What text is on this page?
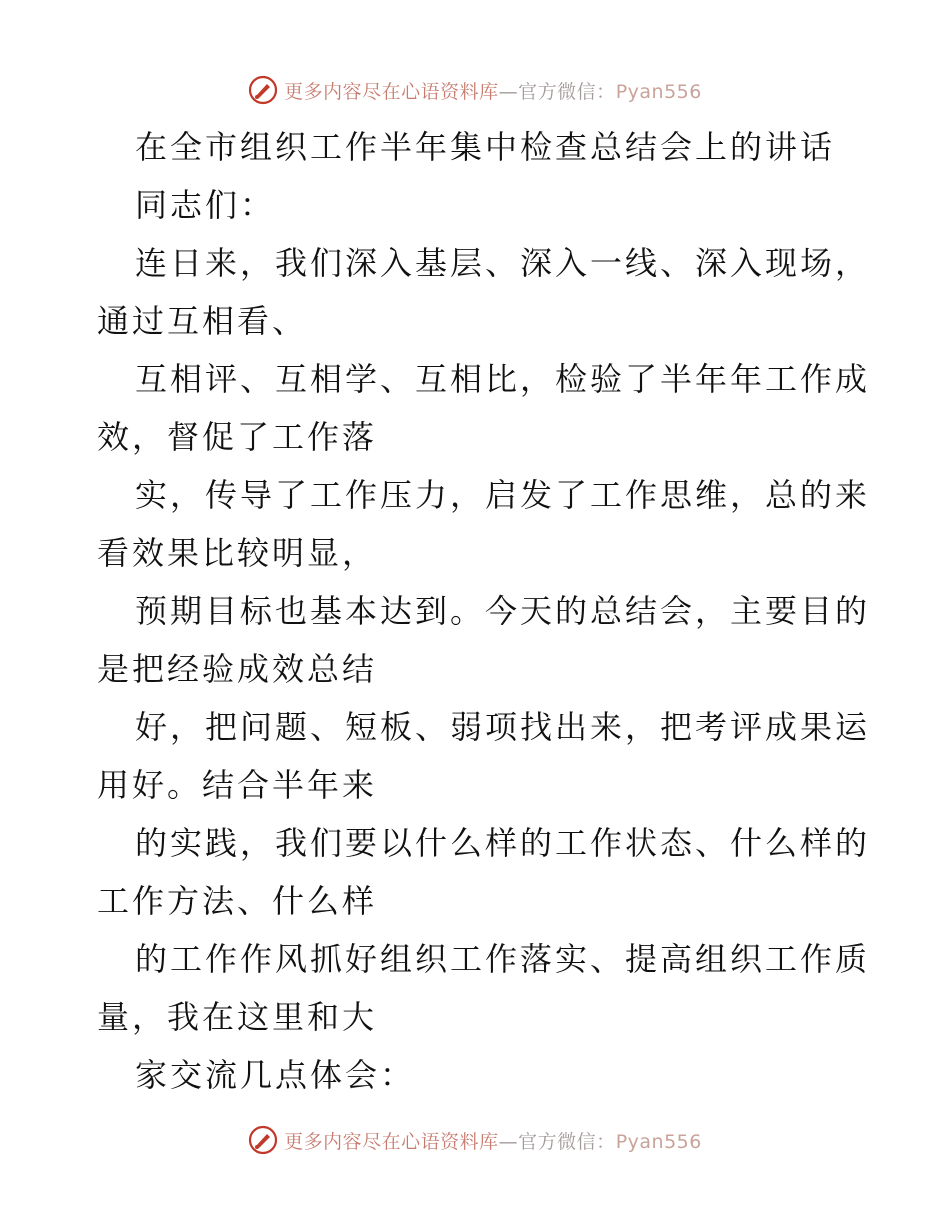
更多内容尽在心语资料库—官方微信：Pyan556
在全市组织工作半年集中检查总结会上的讲话
同志们：
连日来，我们深入基层、深入一线、深入现场，
通过互相看、
互相评、互相学、互相比，检验了半年年工作成
效，督促了工作落
实，传导了工作压力，启发了工作思维，总的来
看效果比较明显，
预期目标也基本达到。今天的总结会，主要目的
是把经验成效总结
好，把问题、短板、弱项找出来，把考评成果运
用好。结合半年来
的实践，我们要以什么样的工作状态、什么样的
工作方法、什么样
的工作作风抓好组织工作落实、提高组织工作质
量，我在这里和大
家交流几点体会：
更多内容尽在心语资料库—官方微信：Pyan556
